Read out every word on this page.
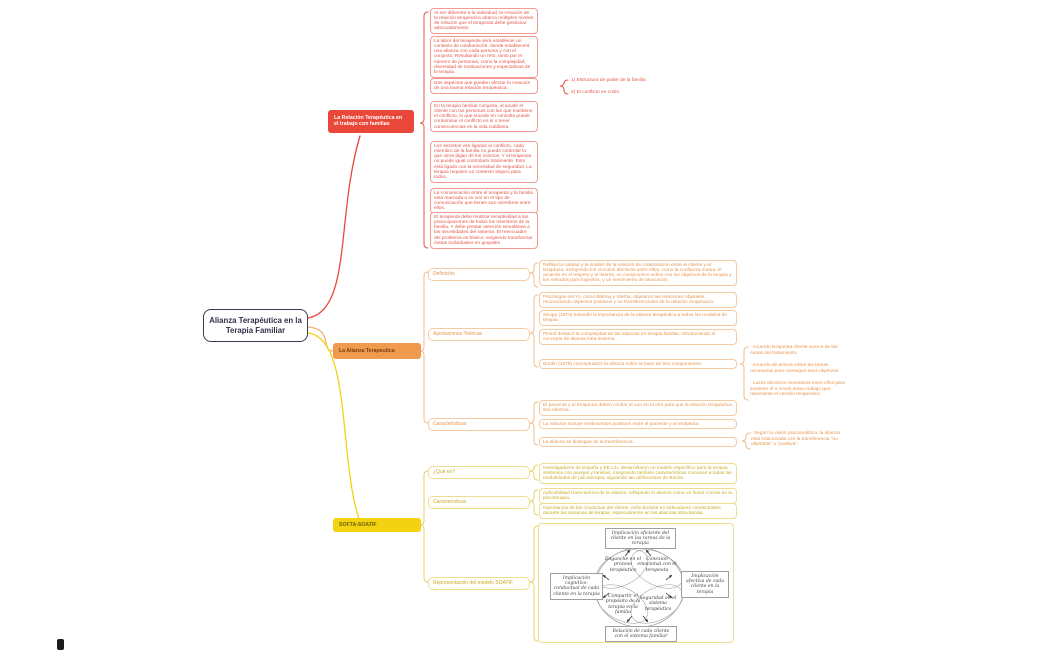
Alianza Terapéutica en la Terapia Familiar
La Relación Terapéutica en el trabajo con familias
Al ser diferente a la individual, la creación de la relación terapéutica abarca múltiples niveles de relación que el terapeuta debe gestionar adecuadamente.
La labor del terapeuta será establecer un contexto de colaboración, donde establecerá una alianza con cada persona y con el conjunto. Resultando un reto, tanto por el número de personas, como la complejidad, diversidad de motivaciones y expectativas de la terapia.
Dos aspectos que pueden afectar la creación de una buena relación terapéutica:
1) Estructura de poder de la familia
2) El conflicto en crisis.
En la terapia familiar conjunta, al acudir el cliente con las personas con las que mantiene el conflicto, lo que sucede en consulta puede contaminar el conflicto en sí o tener consecuencias en la vida cotidiana.
Los secretos van ligados al conflicto, cada miembro de la familia no puede controlar lo que otros digan de los mismos. Y el terapeuta no puede igual controlarlo totalmente. Esto está ligado con la necesidad de seguridad. La terapia requiere un contexto seguro para todos.
La comunicación entre el terapeuta y la familia está marcada a su vez en el tipo de comunicación que tienen sus miembros entre ellos.
El terapeuta debe mostrar receptividad a las preocupaciones de todos los miembros de la familia. Y debe prestar atención simultánea a las necesidades del sistema. El reencuadre del problema es básico, exigiendo transformar metas individuales en grupales.
La Alianza Terapeutica
Definición
Refleja la calidad y la solidez de la relación de colaboración entre el cliente y el terapeuta, incluyendo los vínculos afectivos entre ellos, como la confianza mutua, el acuerdo en el respeto y el interés, un compromiso activo con los objetivos de la terapia y los métodos para lograrlos, y un sentimiento de asociación.
Aportaciones Teóricas
Psicólogos del Yo, como Bibring y Sterba, objetaron las relaciones objetales, reconociendo aspectos positivos y no transferenciales de la relación terapéutica.
Strupp (1973) extendió la importancia de la alianza terapéutica a todos los modelos de terapia.
Pinsof destacó la complejidad de las alianzas en terapia familiar, introduciendo el concepto de alianza intra-sistema.
Bordin (1979) conceptualizó la alianza sobre la base de tres componentes:
- Acuerdo terapeuta-cliente acerca de las metas del tratamiento.
- Acuerdo de ambos sobre las tareas necesarias para conseguir esos objetivos.
- Lazos afectivos necesarios entre ellos para sostener el a veces arduo trabajo que representa el cambio terapéutico.
Características
El paciente y el terapeuta deben confiar el uno en el otro para que la relación terapéutica sea efectiva.
La relación incluye sentimientos positivos entre el paciente y el terapeuta.
La alianza se distingue de la transferencia.
- Según la visión psicoanalítica, la alianza está relacionada con la transferencia "no objetable" o "positiva".
SOFTA-SOATIF
¿Qué es?
Investigadores de España y EE.UU. desarrollaron un modelo específico para la terapia sistémica con parejas y familias, integrando también características comunes a todas las modalidades de psicoterapia, siguiendo las definiciones de Bordin.
Características
Aplicabilidad trans-teórica de la alianza, reflejando la alianza como un factor común en la psicoterapia.
Importancia de las conductas del cliente, enfocándose en indicadores conductuales durante las sesiones de terapia, especialmente en las alianzas intra-familia.
Representación del modelo SOATIF
Implicación eficiente del cliente en las tareas de la terapia
Implicación cognitivo-conductual de cada cliente en la terapia
Implicación afectiva de cada cliente en la terapia
Relación de cada cliente con el sistema familiar
Enganche en el proceso terapéutico
Conexión emocional con el terapeuta
Compartir el propósito de la terapia en la familia
Seguridad en el sistema terapéutico
